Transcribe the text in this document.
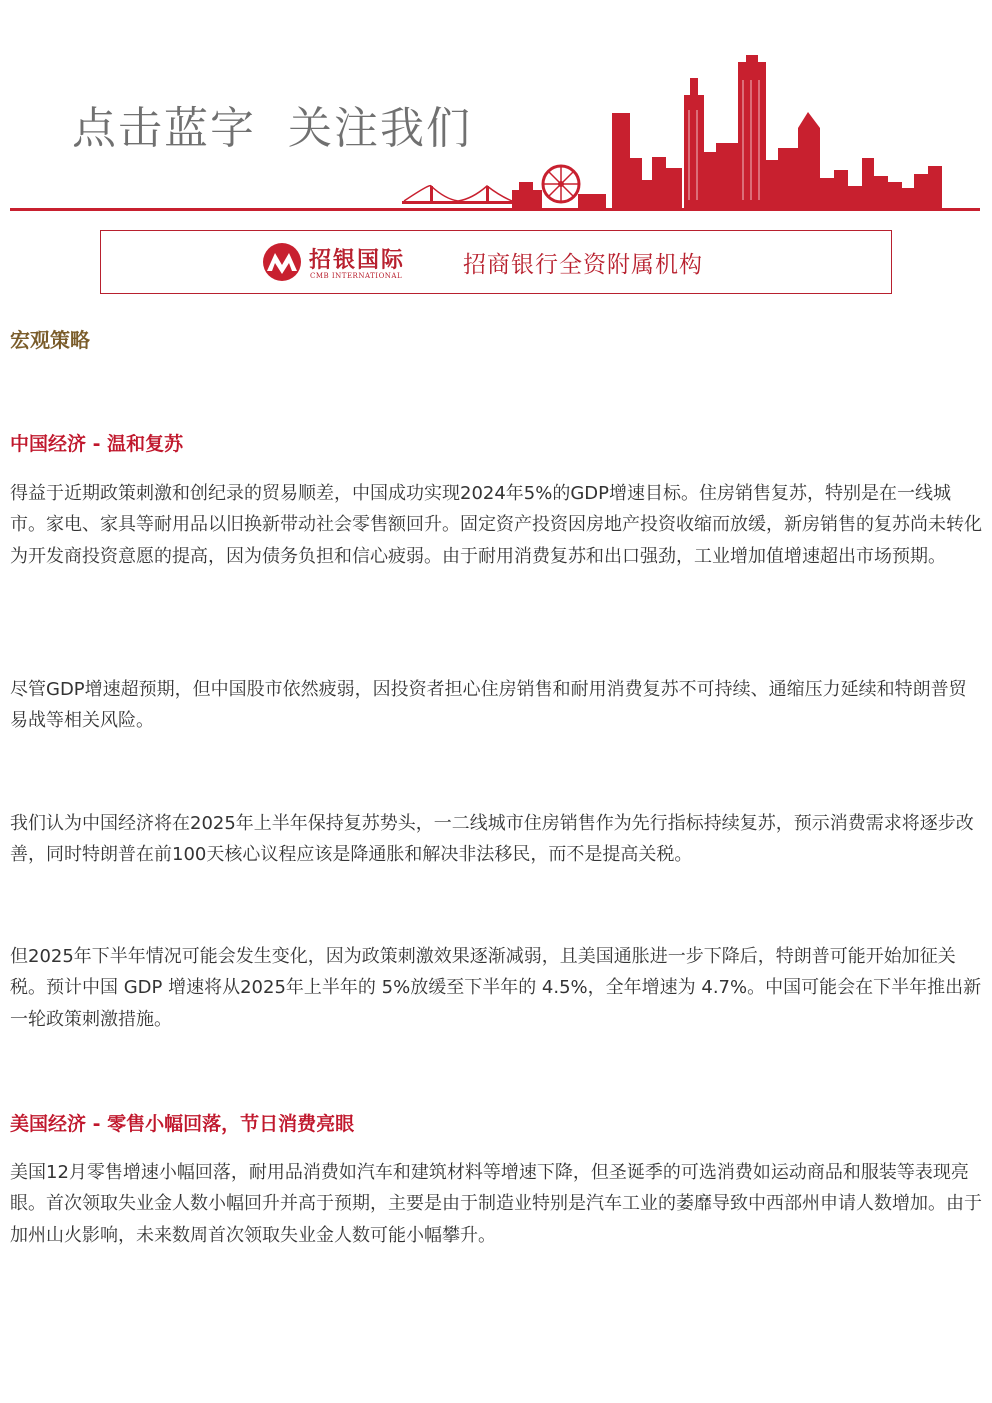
点击蓝字  关注我们
招银国际
CMB INTERNATIONAL	招商银行全资附属机构
宏观策略
中国经济 - 温和复苏

得益于近期政策刺激和创纪录的贸易顺差，中国成功实现2024年5%的GDP增速目标。住房销售复苏，特别是在一线城市。家电、家具等耐用品以旧换新带动社会零售额回升。固定资产投资因房地产投资收缩而放缓，新房销售的复苏尚未转化为开发商投资意愿的提高，因为债务负担和信心疲弱。由于耐用消费复苏和出口强劲，工业增加值增速超出市场预期。

尽管GDP增速超预期，但中国股市依然疲弱，因投资者担心住房销售和耐用消费复苏不可持续、通缩压力延续和特朗普贸易战等相关风险。

我们认为中国经济将在2025年上半年保持复苏势头，一二线城市住房销售作为先行指标持续复苏，预示消费需求将逐步改善，同时特朗普在前100天核心议程应该是降通胀和解决非法移民，而不是提高关税。

但2025年下半年情况可能会发生变化，因为政策刺激效果逐渐减弱，且美国通胀进一步下降后，特朗普可能开始加征关税。预计中国 GDP 增速将从2025年上半年的 5%放缓至下半年的 4.5%，全年增速为 4.7%。中国可能会在下半年推出新一轮政策刺激措施。

美国经济 - 零售小幅回落，节日消费亮眼

美国12月零售增速小幅回落，耐用品消费如汽车和建筑材料等增速下降，但圣诞季的可选消费如运动商品和服装等表现亮眼。首次领取失业金人数小幅回升并高于预期，主要是由于制造业特别是汽车工业的萎靡导致中西部州申请人数增加。由于加州山火影响，未来数周首次领取失业金人数可能小幅攀升。
